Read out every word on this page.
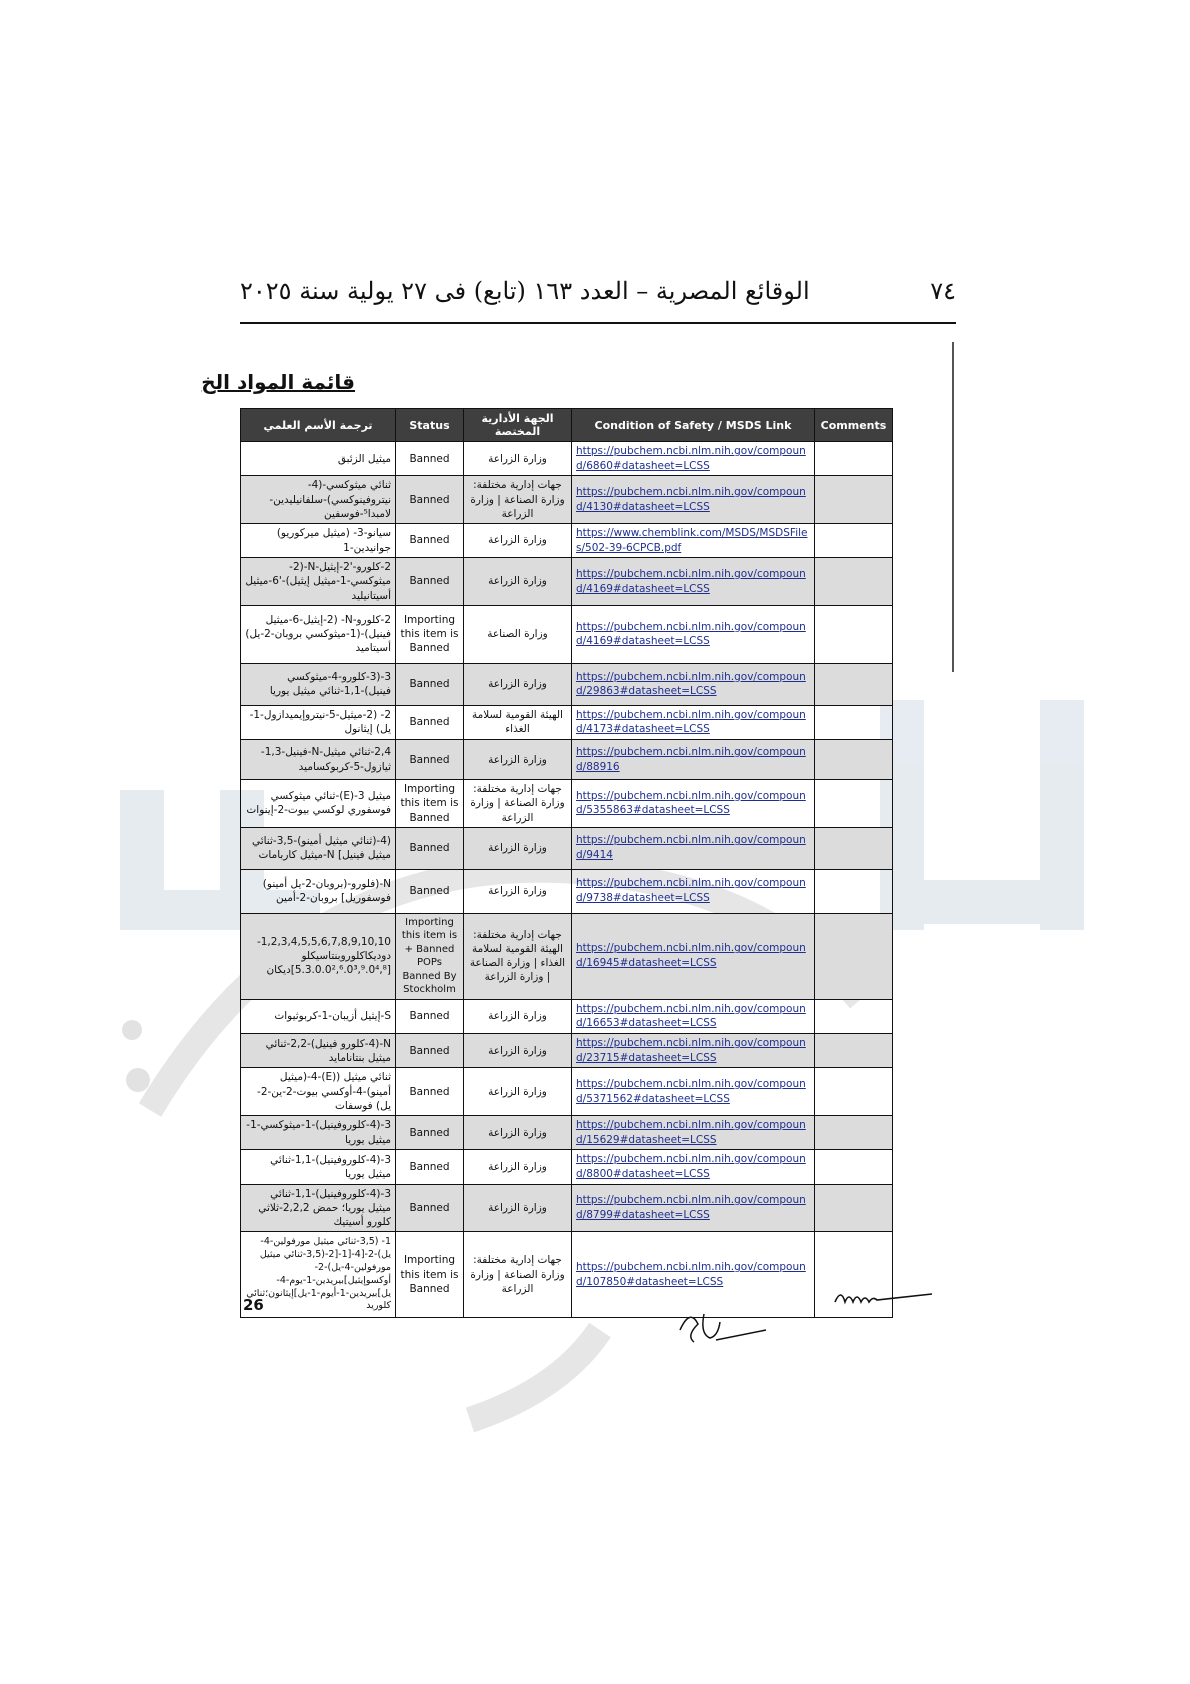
٧٤
الوقائع المصرية – العدد ١٦٣ (تابع) فى ٢٧ يولية سنة ٢٠٢٥
قائمة المواد الخ
ترجمة الأسم العلمي	Status	الجهة الأدارية المختصة	Condition of Safety / MSDS Link	Comments
ميثيل الزئبق	Banned	وزارة الزراعة	https://pubchem.ncbi.nlm.nih.gov/compound/6860#datasheet=LCSS	
ثنائي ميثوكسي-(4-نيتروفينوكسي)-سلفانيليدين-لامبدا⁵-فوسفين	Banned	جهات إدارية مختلفة: وزارة الصناعة | وزارة الزراعة	https://pubchem.ncbi.nlm.nih.gov/compound/4130#datasheet=LCSS	
سيانو-3- (ميثيل ميركوريو) جوانيدين-1	Banned	وزارة الزراعة	https://www.chemblink.com/MSDS/MSDSFiles/502-39-6CPCB.pdf	
2-كلورو-'2-إيثيل-N-(2-ميثوكسي-1-ميثيل إيثيل)-'6-ميثيل أسيتانيليد	Banned	وزارة الزراعة	https://pubchem.ncbi.nlm.nih.gov/compound/4169#datasheet=LCSS	
2-كلورو-N- (2-إيثيل-6-ميثيل فينيل)-(1-ميثوكسي بروبان-2-يل) أسيتاميد	Importing this item is Banned	وزارة الصناعة	https://pubchem.ncbi.nlm.nih.gov/compound/4169#datasheet=LCSS	
3-(3-كلورو-4-ميثوكسي فينيل)-1,1-ثنائي ميثيل يوريا	Banned	وزارة الزراعة	https://pubchem.ncbi.nlm.nih.gov/compound/29863#datasheet=LCSS	
2- (2-ميثيل-5-نيتروإيميدازول-1-يل) إيثانول	Banned	الهيئة القومية لسلامة الغذاء	https://pubchem.ncbi.nlm.nih.gov/compound/4173#datasheet=LCSS	
2,4-ثنائي ميثيل-N-فينيل-1,3-ثيازول-5-كربوكساميد	Banned	وزارة الزراعة	https://pubchem.ncbi.nlm.nih.gov/compound/88916	
ميثيل 3-(E)-ثنائي ميثوكسي فوسفوري لوكسي بيوت-2-إينوات	Importing this item is Banned	جهات إدارية مختلفة: وزارة الصناعة | وزارة الزراعة	https://pubchem.ncbi.nlm.nih.gov/compound/5355863#datasheet=LCSS	
(4-(ثنائي ميثيل أمينو)-3,5-ثنائي ميثيل فينيل] N-ميثيل كاربامات	Banned	وزارة الزراعة	https://pubchem.ncbi.nlm.nih.gov/compound/9414	
N-(فلورو-(بروبان-2-يل أمينو) فوسفوريل] بروبان-2-أمين	Banned	وزارة الزراعة	https://pubchem.ncbi.nlm.nih.gov/compound/9738#datasheet=LCSS	
1,2,3,4,5,5,6,7,8,9,10,10-دوديكاكلوروبنتاسيكلو [5.3.0.0²,⁶.0³,⁹.0⁴,⁸]ديكان	Importing this item is + Banned POPs Banned By Stockholm	جهات إدارية مختلفة: الهيئة القومية لسلامة الغذاء | وزارة الصناعة | وزارة الزراعة	https://pubchem.ncbi.nlm.nih.gov/compound/16945#datasheet=LCSS	
S-إيثيل أزيبان-1-كربوثيوات	Banned	وزارة الزراعة	https://pubchem.ncbi.nlm.nih.gov/compound/16653#datasheet=LCSS	
N-(4-كلورو فينيل)-2,2-ثنائي ميثيل بنتانامايد	Banned	وزارة الزراعة	https://pubchem.ncbi.nlm.nih.gov/compound/23715#datasheet=LCSS	
ثنائي ميثيل ((E)-4-(ميثيل أمينو)-4-أوكسي بيوت-2-ين-2-يل) فوسفات	Banned	وزارة الزراعة	https://pubchem.ncbi.nlm.nih.gov/compound/5371562#datasheet=LCSS	
3-(4-كلوروفينيل)-1-ميثوكسي-1-ميثيل يوريا	Banned	وزارة الزراعة	https://pubchem.ncbi.nlm.nih.gov/compound/15629#datasheet=LCSS	
3-(4-كلوروفينيل)-1,1-ثنائي ميثيل يوريا	Banned	وزارة الزراعة	https://pubchem.ncbi.nlm.nih.gov/compound/8800#datasheet=LCSS	
3-(4-كلوروفينيل)-1,1-ثنائي ميثيل يوريا؛ حمض 2,2,2-ثلاثي كلورو أسيتيك	Banned	وزارة الزراعة	https://pubchem.ncbi.nlm.nih.gov/compound/8799#datasheet=LCSS	
1- (3,5-ثنائي ميثيل مورفولين-4-يل)-2-[4-[1-[2-(3,5-ثنائي ميثيل مورفولين-4-يل)-2-أوكسوإيثيل]بيريدين-1-يوم-4-يل]بيريدين-1-أيوم-1-يل]إيثانون؛ثنائي كلوريد	Importing this item is Banned	جهات إدارية مختلفة: وزارة الصناعة | وزارة الزراعة	https://pubchem.ncbi.nlm.nih.gov/compound/107850#datasheet=LCSS	
26
